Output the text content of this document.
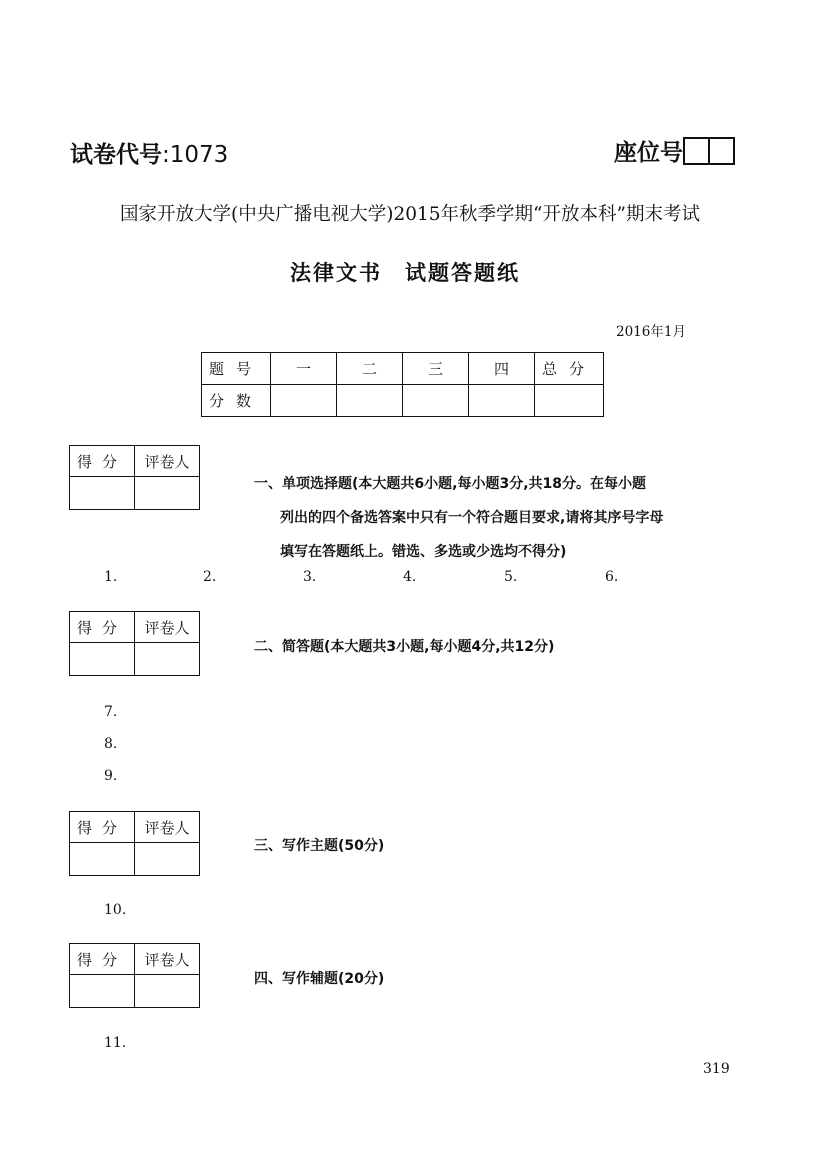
试卷代号:1073	座位号
国家开放大学(中央广播电视大学)2015年秋季学期“开放本科”期末考试
法律文书　试题答题纸
2016年1月
题号	一	二	三	四	总分
分数					
得分	评卷人

一、单项选择题(本大题共6小题,每小题3分,共18分。在每小题
列出的四个备选答案中只有一个符合题目要求,请将其序号字母
填写在答题纸上。错选、多选或少选均不得分)
1.	2.	3.	4.	5.	6.
得分	评卷人

二、简答题(本大题共3小题,每小题4分,共12分)
7.
8.
9.
得分	评卷人

三、写作主题(50分)
10.
得分	评卷人

四、写作辅题(20分)
11.
319
